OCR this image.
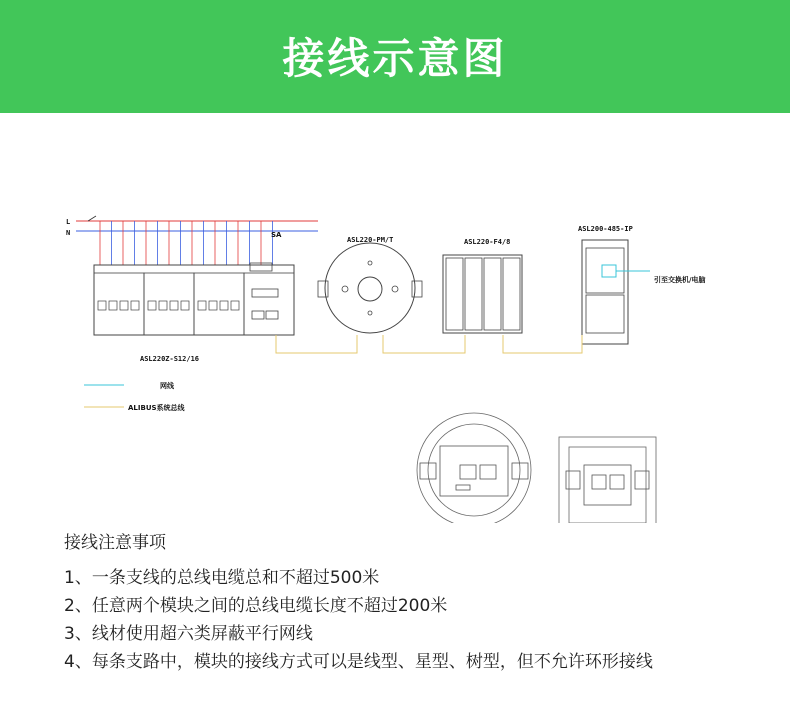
接线示意图
L
N	SA
ASL220Z-S12/16
ASL220-PM/T	ASL220-F4/8
ASL200-485-IP
引至交换机/电脑
网线
ALIBUS系统总线
接线注意事项
1、一条支线的总线电缆总和不超过500米
2、任意两个模块之间的总线电缆长度不超过200米
3、线材使用超六类屏蔽平行网线
4、每条支路中，模块的接线方式可以是线型、星型、树型，但不允许环形接线
